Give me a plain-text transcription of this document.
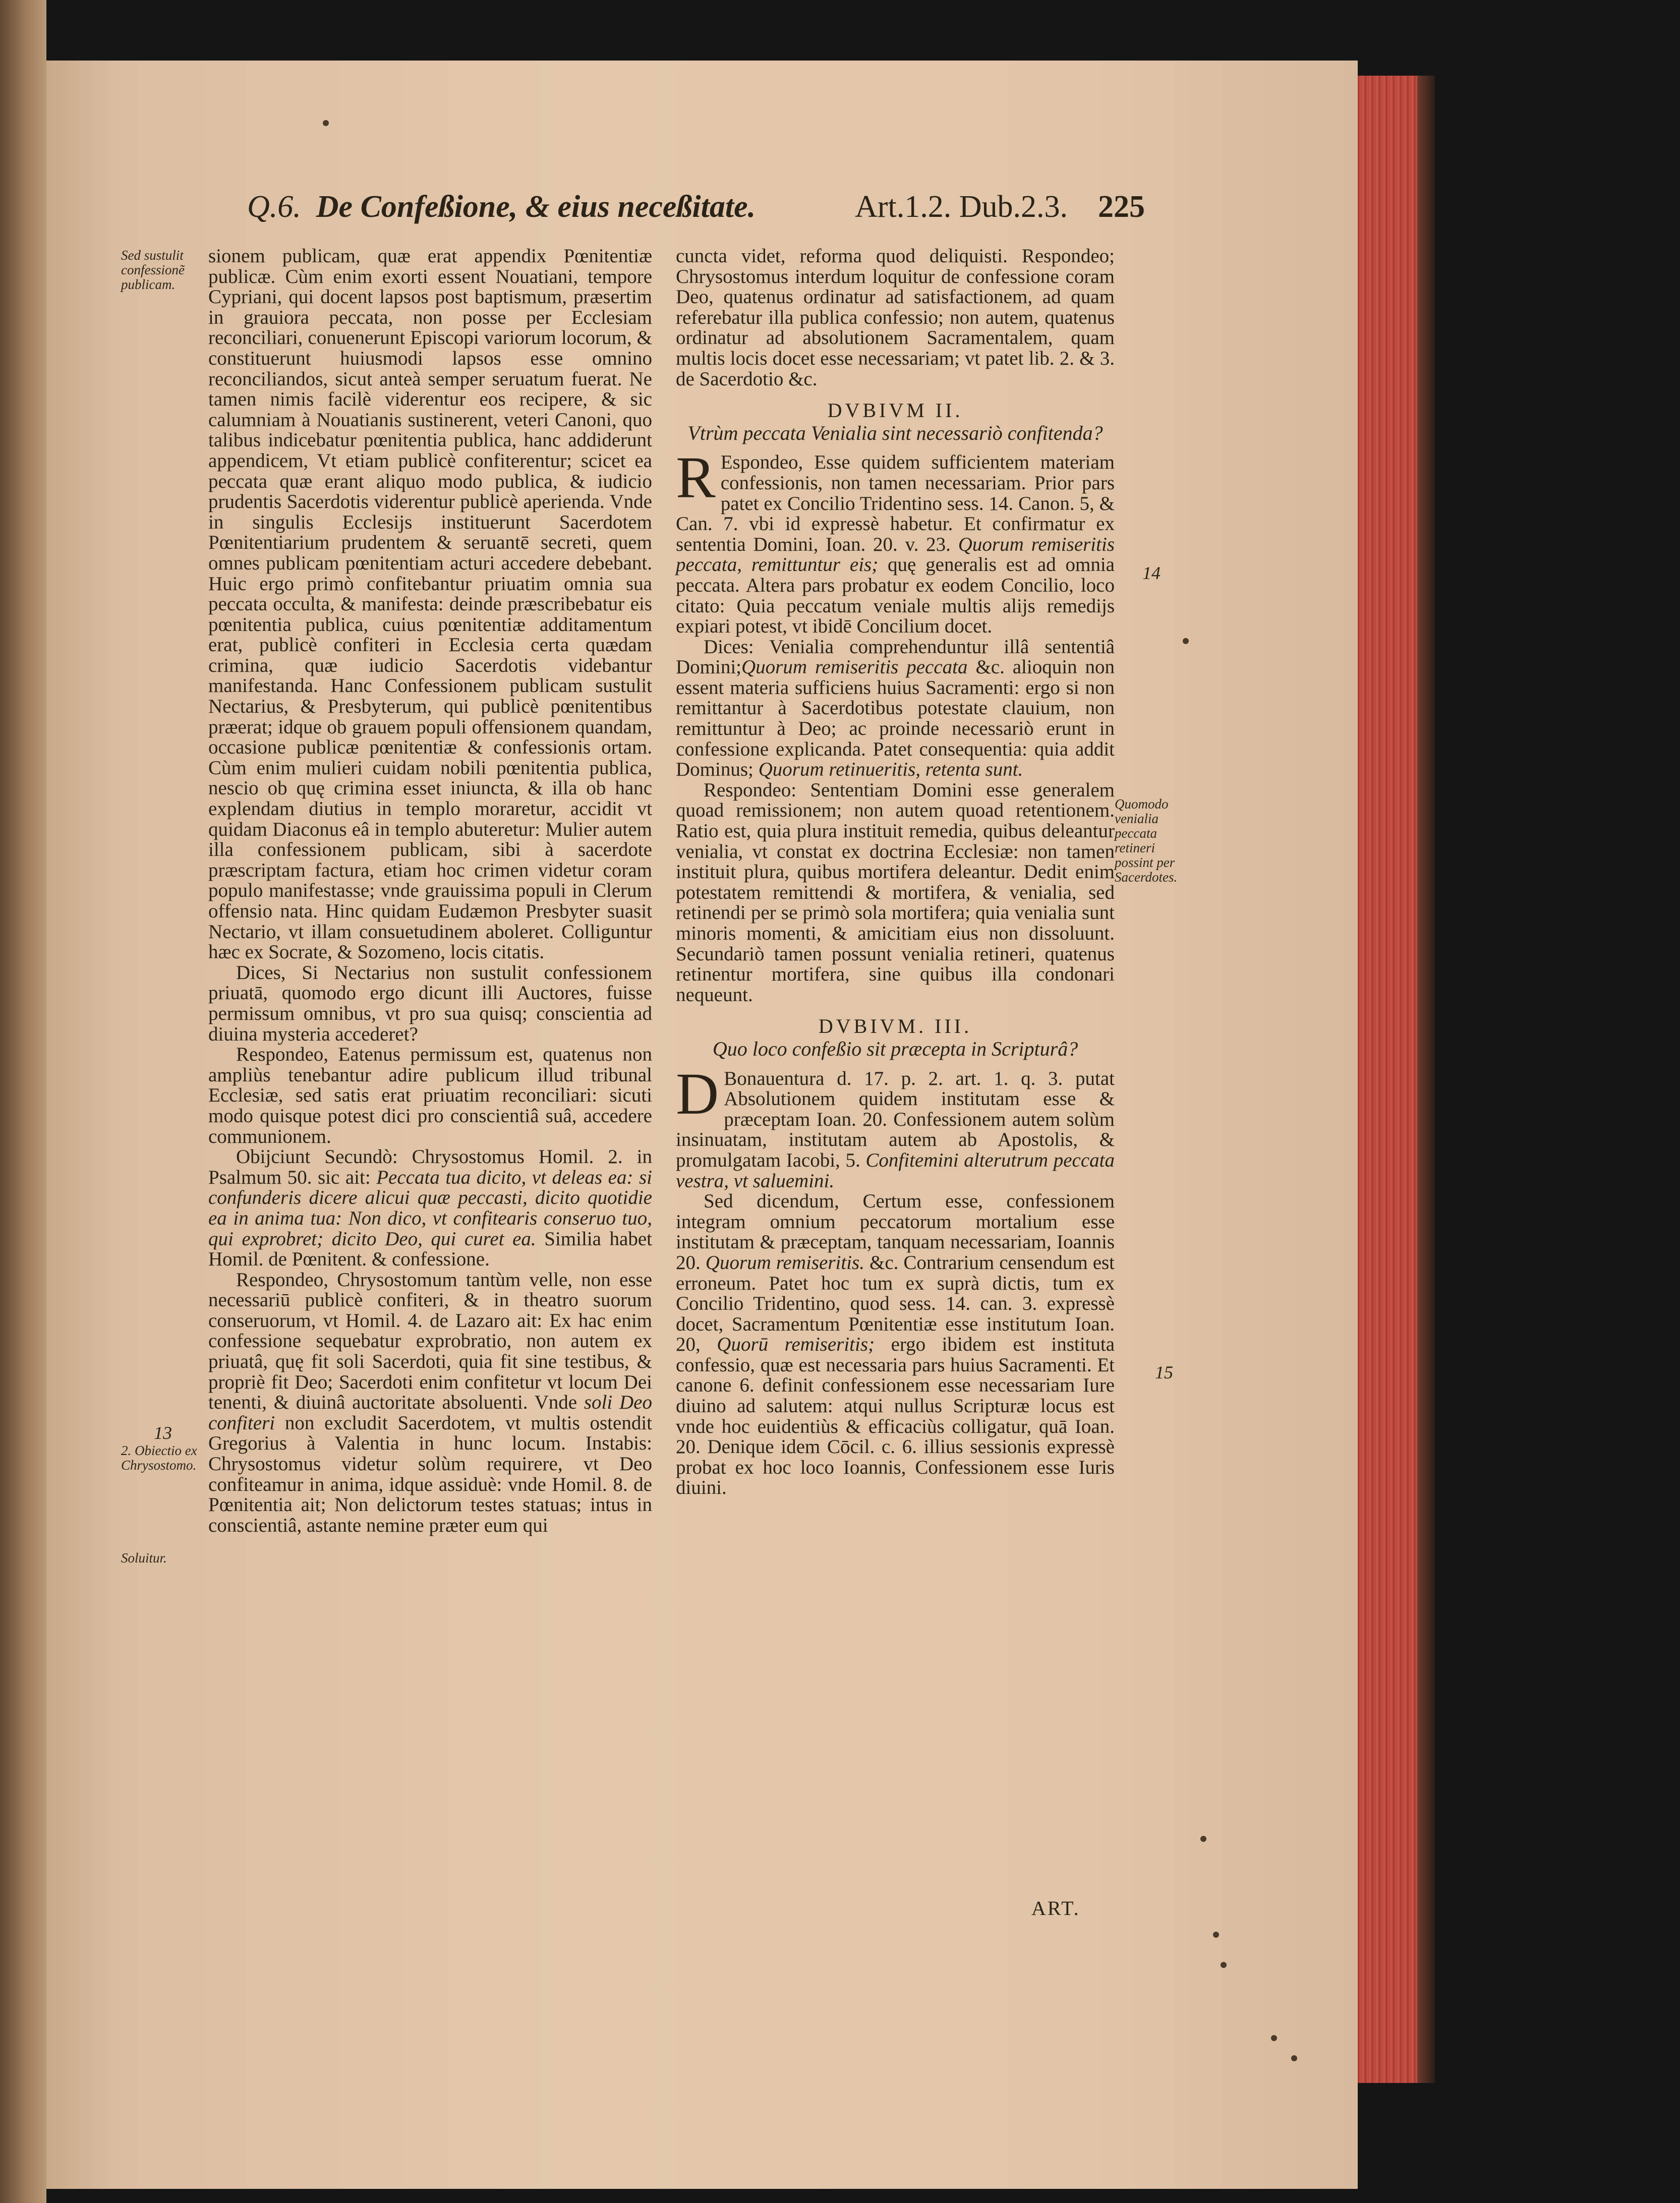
Q.6. De Confeßione, & eius neceßitate.	Art.1.2. Dub.2.3. 225
Sed sustulit confessionẽ publicam.
13
2. Obiectio ex Chrysostomo.
Soluitur.

sionem publicam, quæ erat appendix Pœnitentiæ publicæ. Cùm enim exorti essent Nouatiani, tempore Cypriani, qui docent lapsos post baptismum, præsertim in grauiora peccata, non posse per Ecclesiam reconciliari, conuenerunt Episcopi variorum locorum, & constituerunt huiusmodi lapsos esse omnino reconciliandos, sicut anteà semper seruatum fuerat. Ne tamen nimis facilè viderentur eos recipere, & sic calumniam à Nouatianis sustinerent, veteri Canoni, quo talibus indicebatur pœnitentia publica, hanc addiderunt appendicem, Vt etiam publicè confiterentur; scicet ea peccata quæ erant aliquo modo publica, & iudicio prudentis Sacerdotis viderentur publicè aperienda. Vnde in singulis Ecclesijs instituerunt Sacerdotem Pœnitentiarium prudentem & seruantē secreti, quem omnes publicam pœnitentiam acturi accedere debebant. Huic ergo primò confitebantur priuatim omnia sua peccata occulta, & manifesta: deinde præscribebatur eis pœnitentia publica, cuius pœnitentiæ additamentum erat, publicè confiteri in Ecclesia certa quædam crimina, quæ iudicio Sacerdotis videbantur manifestanda. Hanc Confessionem publicam sustulit Nectarius, & Presbyterum, qui publicè pœnitentibus præerat; idque ob grauem populi offensionem quandam, occasione publicæ pœnitentiæ & confessionis ortam. Cùm enim mulieri cuidam nobili pœnitentia publica, nescio ob quę crimina esset iniuncta, & illa ob hanc explendam diutius in templo moraretur, accidit vt quidam Diaconus eâ in templo abuteretur: Mulier autem illa confessionem publicam, sibi à sacerdote præscriptam factura, etiam hoc crimen videtur coram populo manifestasse; vnde grauissima populi in Clerum offensio nata. Hinc quidam Eudæmon Presbyter suasit Nectario, vt illam consuetudinem aboleret. Colliguntur hæc ex Socrate, & Sozomeno, locis citatis.

Dices, Si Nectarius non sustulit confessionem priuatā, quomodo ergo dicunt illi Auctores, fuisse permissum omnibus, vt pro sua quisq; conscientia ad diuina mysteria accederet?

Respondeo, Eatenus permissum est, quatenus non ampliùs tenebantur adire publicum illud tribunal Ecclesiæ, sed satis erat priuatim reconciliari: sicuti modo quisque potest dici pro conscientiâ suâ, accedere communionem.

Obijciunt Secundò: Chrysostomus Homil. 2. in Psalmum 50. sic ait: Peccata tua dicito, vt deleas ea: si confunderis dicere alicui quæ peccasti, dicito quotidie ea in anima tua: Non dico, vt confitearis conseruo tuo, qui exprobret; dicito Deo, qui curet ea. Similia habet Homil. de Pœnitent. & confessione.

Respondeo, Chrysostomum tantùm velle, non esse necessariū publicè confiteri, & in theatro suorum conseruorum, vt Homil. 4. de Lazaro ait: Ex hac enim confessione sequebatur exprobratio, non autem ex priuatâ, quę fit soli Sacerdoti, quia fit sine testibus, & propriè fit Deo; Sacerdoti enim confitetur vt locum Dei tenenti, & diuinâ auctoritate absoluenti. Vnde soli Deo confiteri non excludit Sacerdotem, vt multis ostendit Gregorius à Valentia in hunc locum. Instabis: Chrysostomus videtur solùm requirere, vt Deo confiteamur in anima, idque assiduè: vnde Homil. 8. de Pœnitentia ait; Non delictorum testes statuas; intus in conscientiâ, astante nemine præter eum qui

14
Quomodo venialia peccata retineri possint per Sacerdotes.
15

cuncta videt, reforma quod deliquisti. Respondeo; Chrysostomus interdum loquitur de confessione coram Deo, quatenus ordinatur ad satisfactionem, ad quam referebatur illa publica confessio; non autem, quatenus ordinatur ad absolutionem Sacramentalem, quam multis locis docet esse necessariam; vt patet lib. 2. & 3. de Sacerdotio &c.

DVBIVM II.
Vtrùm peccata Venialia sint necessariò confitenda?
R Espondeo, Esse quidem sufficientem materiam confessionis, non tamen necessariam. Prior pars patet ex Concilio Tridentino sess. 14. Canon. 5, & Can. 7. vbi id expressè habetur. Et confirmatur ex sententia Domini, Ioan. 20. v. 23. Quorum remiseritis peccata, remittuntur eis; quę generalis est ad omnia peccata. Altera pars probatur ex eodem Concilio, loco citato: Quia peccatum veniale multis alijs remedijs expiari potest, vt ibidē Concilium docet.

Dices: Venialia comprehenduntur illâ sententiâ Domini;Quorum remiseritis peccata &c. alioquin non essent materia sufficiens huius Sacramenti: ergo si non remittantur à Sacerdotibus potestate clauium, non remittuntur à Deo; ac proinde necessariò erunt in confessione explicanda. Patet consequentia: quia addit Dominus; Quorum retinueritis, retenta sunt.

Respondeo: Sententiam Domini esse generalem quoad remissionem; non autem quoad retentionem. Ratio est, quia plura instituit remedia, quibus deleantur venialia, vt constat ex doctrina Ecclesiæ: non tamen instituit plura, quibus mortifera deleantur. Dedit enim potestatem remittendi & mortifera, & venialia, sed retinendi per se primò sola mortifera; quia venialia sunt minoris momenti, & amicitiam eius non dissoluunt. Secundariò tamen possunt venialia retineri, quatenus retinentur mortifera, sine quibus illa condonari nequeunt.

DVBIVM. III.
Quo loco confeßio sit præcepta in Scripturâ?
D Bonauentura d. 17. p. 2. art. 1. q. 3. putat Absolutionem quidem institutam esse & præceptam Ioan. 20. Confessionem autem solùm insinuatam, institutam autem ab Apostolis, & promulgatam Iacobi, 5. Confitemini alterutrum peccata vestra, vt saluemini.

Sed dicendum, Certum esse, confessionem integram omnium peccatorum mortalium esse institutam & præceptam, tanquam necessariam, Ioannis 20. Quorum remiseritis. &c. Contrarium censendum est erroneum. Patet hoc tum ex suprà dictis, tum ex Concilio Tridentino, quod sess. 14. can. 3. expressè docet, Sacramentum Pœnitentiæ esse institutum Ioan. 20, Quorū remiseritis; ergo ibidem est instituta confessio, quæ est necessaria pars huius Sacramenti. Et canone 6. definit confessionem esse necessariam Iure diuino ad salutem: atqui nullus Scripturæ locus est vnde hoc euidentiùs & efficaciùs colligatur, quā Ioan. 20. Denique idem Cōcil. c. 6. illius sessionis expressè probat ex hoc loco Ioannis, Confessionem esse Iuris diuini.

ART.
